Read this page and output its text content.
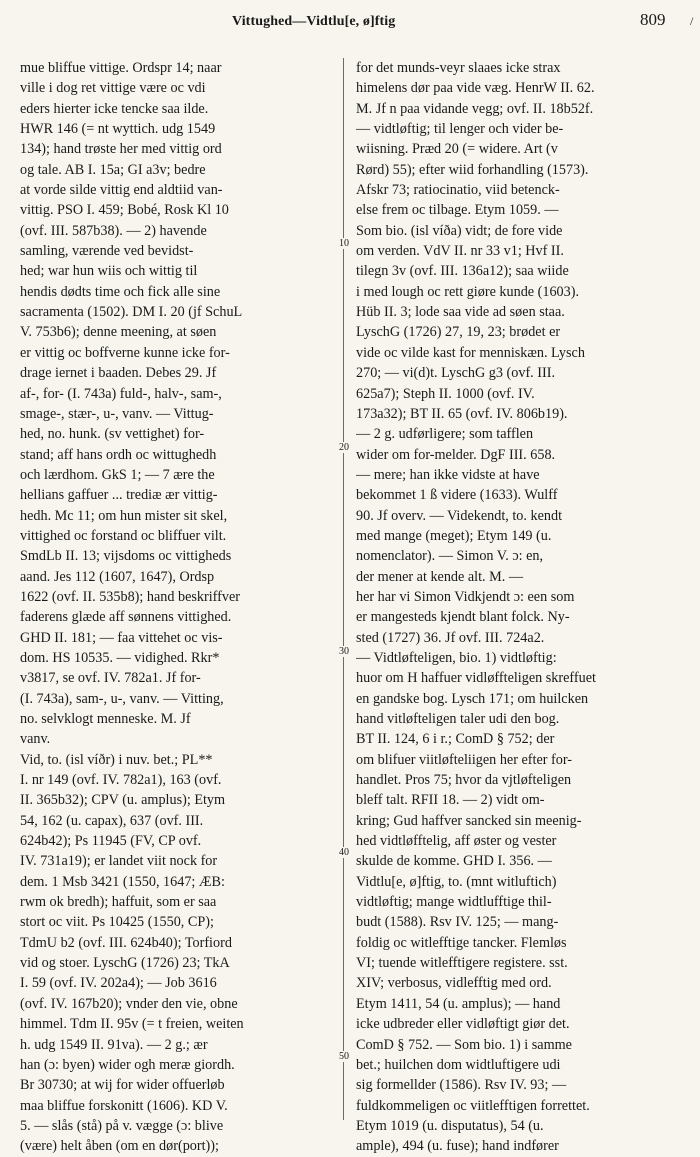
Vittughed—Vidtlu[e, ø]ftig	809 /
mue bliffue vittige. Ordspr 14; naar
ville i dog ret vittige være oc vdi
eders hierter icke tencke saa ilde.
HWR 146 (= nt wyttich. udg 1549
134); hand trøste her med vittig ord
og tale. AB I. 15a; GI a3v; bedre
at vorde silde vittig end aldtiid van-
vittig. PSO I. 459; Bobé, Rosk Kl 10
(ovf. III. 587b38). — 2) havende
samling, værende ved bevidst-
hed; war hun wiis och wittig til
hendis dødts time och fick alle sine
sacramenta (1502). DM I. 20 (jf SchuL
V. 753b6); denne meening, at søen
er vittig oc boffverne kunne icke for-
drage iernet i baaden. Debes 29. Jf
af-, for- (I. 743a) fuld-, halv-, sam-,
smage-, stær-, u-, vanv. — Vittug-
hed, no. hunk. (sv vettighet) for-
stand; aff hans ordh oc wittughedh
och lærdhom. GkS 1; — 7 ære the
hellians gaffuer ... trediæ ær vittig-
hedh. Mc 11; om hun mister sit skel,
vittighed oc forstand oc bliffuer vilt.
SmdLb II. 13; vijsdoms oc vittigheds
aand. Jes 112 (1607, 1647), Ordsp
1622 (ovf. II. 535b8); hand beskriffver
faderens glæde aff sønnens vittighed.
GHD II. 181; — faa vittehet oc vis-
dom. HS 10535. — vidighed. Rkr*
v3817, se ovf. IV. 782a1. Jf for-
(I. 743a), sam-, u-, vanv. — Vitting,
no. selvklogt menneske. M. Jf
vanv.
Vid, to. (isl víðr) i nuv. bet.; PL**
I. nr 149 (ovf. IV. 782a1), 163 (ovf.
II. 365b32); CPV (u. amplus); Etym
54, 162 (u. capax), 637 (ovf. III.
624b42); Ps 11945 (FV, CP ovf.
IV. 731a19); er landet viit nock for
dem. 1 Msb 3421 (1550, 1647; ÆB:
rwm ok bredh); haffuit, som er saa
stort oc viit. Ps 10425 (1550, CP);
TdmU b2 (ovf. III. 624b40); Torfiord
vid og stoer. LyschG (1726) 23; TkA
I. 59 (ovf. IV. 202a4); — Job 3616
(ovf. IV. 167b20); vnder den vie, obne
himmel. Tdm II. 95v (= t freien, weiten
h. udg 1549 II. 91va). — 2 g.; ær
han (ɔ: byen) wider ogh meræ giordh.
Br 30730; at wij for wider offuerløb
maa bliffue forskonitt (1606). KD V.
5. — slås (stå) på v. vægge (ɔ: blive
(være) helt åben (om en dør(port));
for det munds-veyr slaaes icke strax
himelens dør paa vide væg. HenrW II. 62.
M. Jf n paa vidande vegg; ovf. II. 18b52f.
— vidtløftig; til lenger och vider be-
wiisning. Præd 20 (= widere. Art (v
Rørd) 55); efter wiid forhandling (1573).
Afskr 73; ratiocinatio, viid betenck-
else frem oc tilbage. Etym 1059. —
Som bio. (isl víða) vidt; de fore vide
om verden. VdV II. nr 33 v1; Hvf II.
tilegn 3v (ovf. III. 136a12); saa wiide
i med lough oc rett giøre kunde (1603).
Hüb II. 3; lode saa vide ad søen staa.
LyschG (1726) 27, 19, 23; brødet er
vide oc vilde kast for menniskæn. Lysch
270; — vi(d)t. LyschG g3 (ovf. III.
625a7); Steph II. 1000 (ovf. IV.
173a32); BT II. 65 (ovf. IV. 806b19).
— 2 g. udførligere; som tafflen
wider om for-melder. DgF III. 658.
— mere; han ikke vidste at have
bekommet 1 ß videre (1633). Wulff
90. Jf overv. — Videkendt, to. kendt
med mange (meget); Etym 149 (u.
nomenclator). — Simon V. ɔ: en,
der mener at kende alt. M. —
her har vi Simon Vidkjendt ɔ: een som
er mangesteds kjendt blant folck. Ny-
sted (1727) 36. Jf ovf. III. 724a2.
— Vidtløfteligen, bio. 1) vidtløftig:
huor om H haffuer vidløffteligen skreffuet
en gandske bog. Lysch 171; om huilcken
hand vitløfteligen taler udi den bog.
BT II. 124, 6 i r.; ComD § 752; der
om blifuer viitløfteliigen her efter for-
handlet. Pros 75; hvor da vjtløfteligen
bleff talt. RFII 18. — 2) vidt om-
kring; Gud haffver sancked sin meenig-
hed vidtløfftelig, aff øster og vester
skulde de komme. GHD I. 356. —
Vidtlu[e, ø]ftig, to. (mnt witluftich)
vidtløftig; mange widtlufftige thil-
budt (1588). Rsv IV. 125; — mang-
foldig oc witlefftige tancker. Flemløs
VI; tuende witlefftigere registere. sst.
XIV; verbosus, vidlefftig med ord.
Etym 1411, 54 (u. amplus); — hand
icke udbreder eller vidløftigt giør det.
ComD § 752. — Som bio. 1) i samme
bet.; huilchen dom widtluftigere udi
sig formellder (1586). Rsv IV. 93; —
fuldkommeligen oc viitlefftigen forrettet.
Etym 1019 (u. disputatus), 54 (u.
ample), 494 (u. fuse); hand indfører
10
20
30
40
50
